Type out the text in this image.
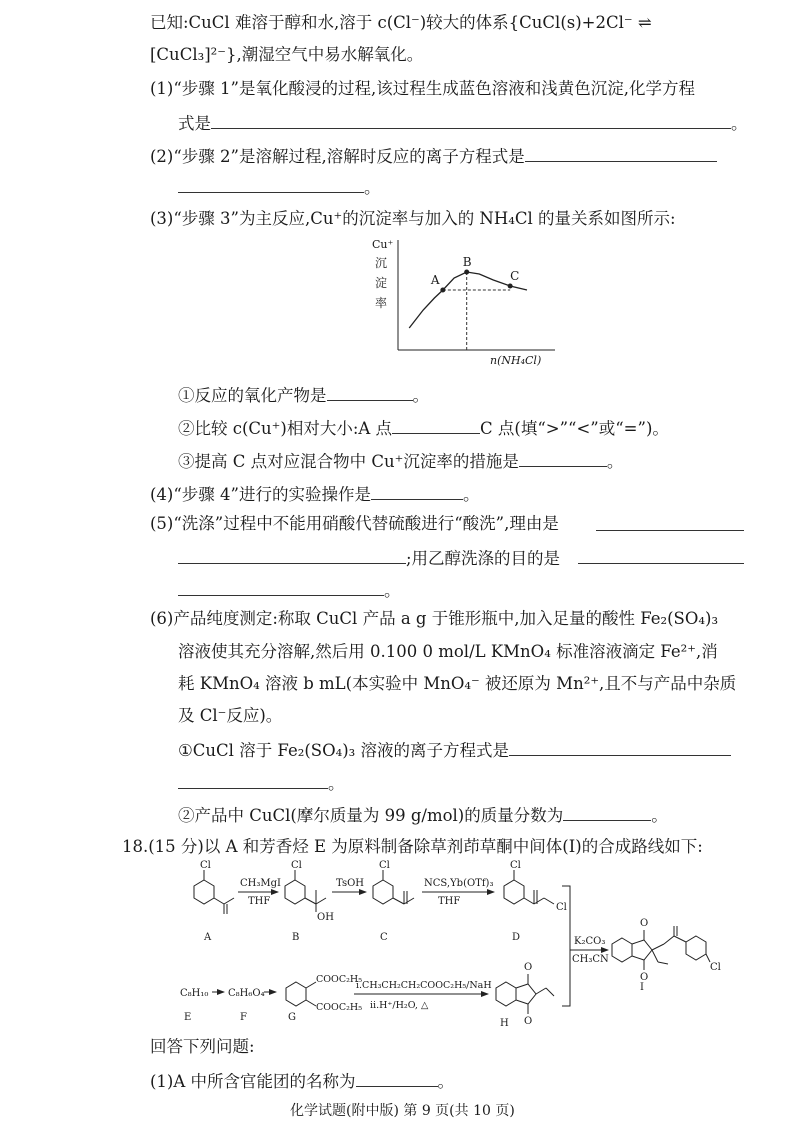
已知:CuCl 难溶于醇和水,溶于 c(Cl⁻)较大的体系{CuCl(s)+2Cl⁻ ⇌
[CuCl₃]²⁻},潮湿空气中易水解氧化。
(1)“步骤 1”是氧化酸浸的过程,该过程生成蓝色溶液和浅黄色沉淀,化学方程
式是	。
(2)“步骤 2”是溶解过程,溶解时反应的离子方程式是
。
(3)“步骤 3”为主反应,Cu⁺的沉淀率与加入的 NH₄Cl 的量关系如图所示:
Cu⁺
沉
淀
率
n(NH₄Cl)
A
B
C
①反应的氧化产物是	。
②比较 c(Cu⁺)相对大小:A 点	C 点(填“>”“<”或“=”)。
③提高 C 点对应混合物中 Cu⁺沉淀率的措施是	。
(4)“步骤 4”进行的实验操作是	。
(5)“洗涤”过程中不能用硝酸代替硫酸进行“酸洗”,理由是
;用乙醇洗涤的目的是
。
(6)产品纯度测定:称取 CuCl 产品 a g 于锥形瓶中,加入足量的酸性 Fe₂(SO₄)₃
溶液使其充分溶解,然后用 0.100 0 mol/L KMnO₄ 标准溶液滴定 Fe²⁺,消
耗 KMnO₄ 溶液 b mL(本实验中 MnO₄⁻ 被还原为 Mn²⁺,且不与产品中杂质
及 Cl⁻反应)。
①CuCl 溶于 Fe₂(SO₄)₃ 溶液的离子方程式是
。
②产品中 CuCl(摩尔质量为 99 g/mol)的质量分数为	。
18.(15 分)以 A 和芳香烃 E 为原料制备除草剂茚草酮中间体(I)的合成路线如下:
Cl	Cl	Cl	Cl
Cl
OH
Cl
O
O
O
O
CH₃MgI
THF
TsOH	NCS,Yb(OTf)₃
THF
K₂CO₃
CH₃CN
ⅰ.CH₃CH₂CH₂COOC₂H₅/NaH
ⅱ.H⁺/H₂O, △
C₈H₁₀ C₈H₆O₄
COOC₂H₅
COOC₂H₅
A	B	C	D
E	F	G
H
I
回答下列问题:
(1)A 中所含官能团的名称为	。
化学试题(附中版) 第 9 页(共 10 页)
